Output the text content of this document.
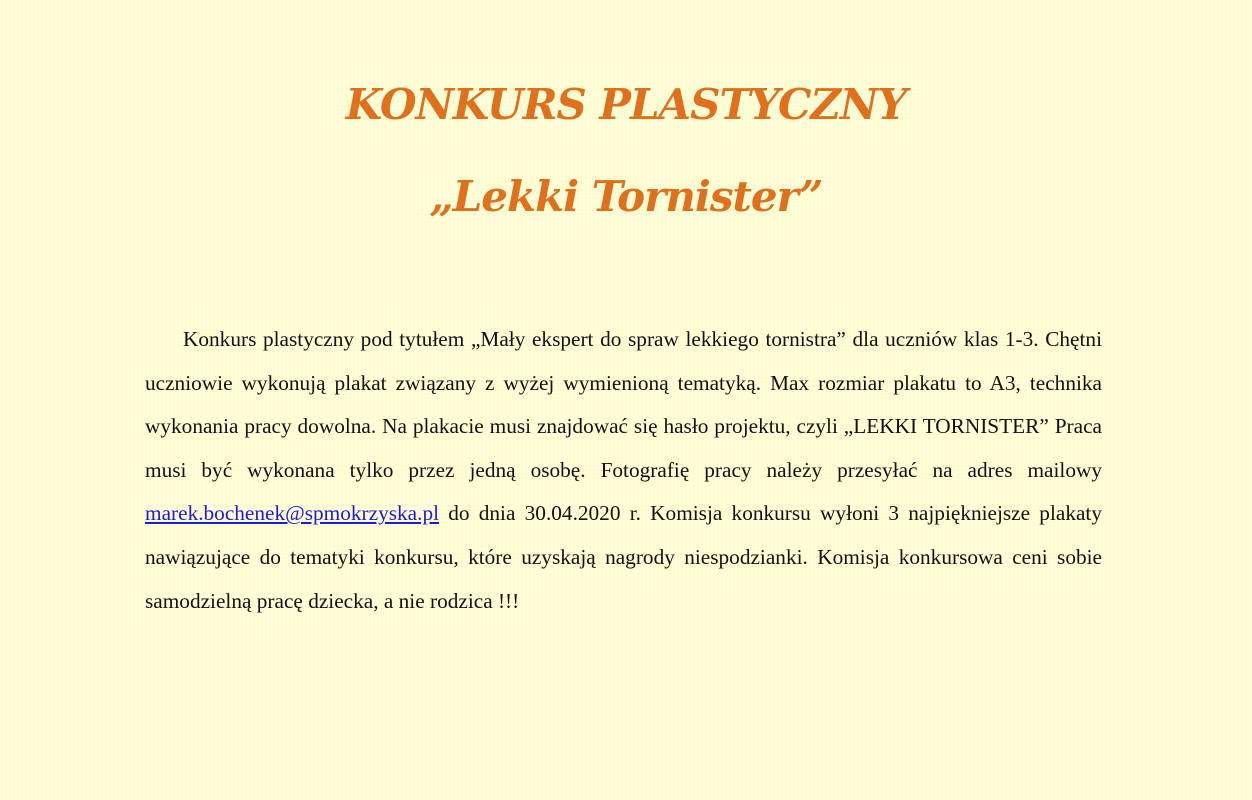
KONKURS PLASTYCZNY
„Lekki Tornister”

Konkurs plastyczny pod tytułem „Mały ekspert do spraw lekkiego tornistra” dla uczniów klas 1-3. Chętni uczniowie wykonują plakat związany z wyżej wymienioną tematyką. Max rozmiar plakatu to A3, technika wykonania pracy dowolna. Na plakacie musi znajdować się hasło projektu, czyli „LEKKI TORNISTER” Praca musi być wykonana tylko przez jedną osobę. Fotografię pracy należy przesyłać na adres mailowy marek.bochenek@spmokrzyska.pl do dnia 30.04.2020 r. Komisja konkursu wyłoni 3 najpiękniejsze plakaty nawiązujące do tematyki konkursu, które uzyskają nagrody niespodzianki. Komisja konkursowa ceni sobie samodzielną pracę dziecka, a nie rodzica !!!
